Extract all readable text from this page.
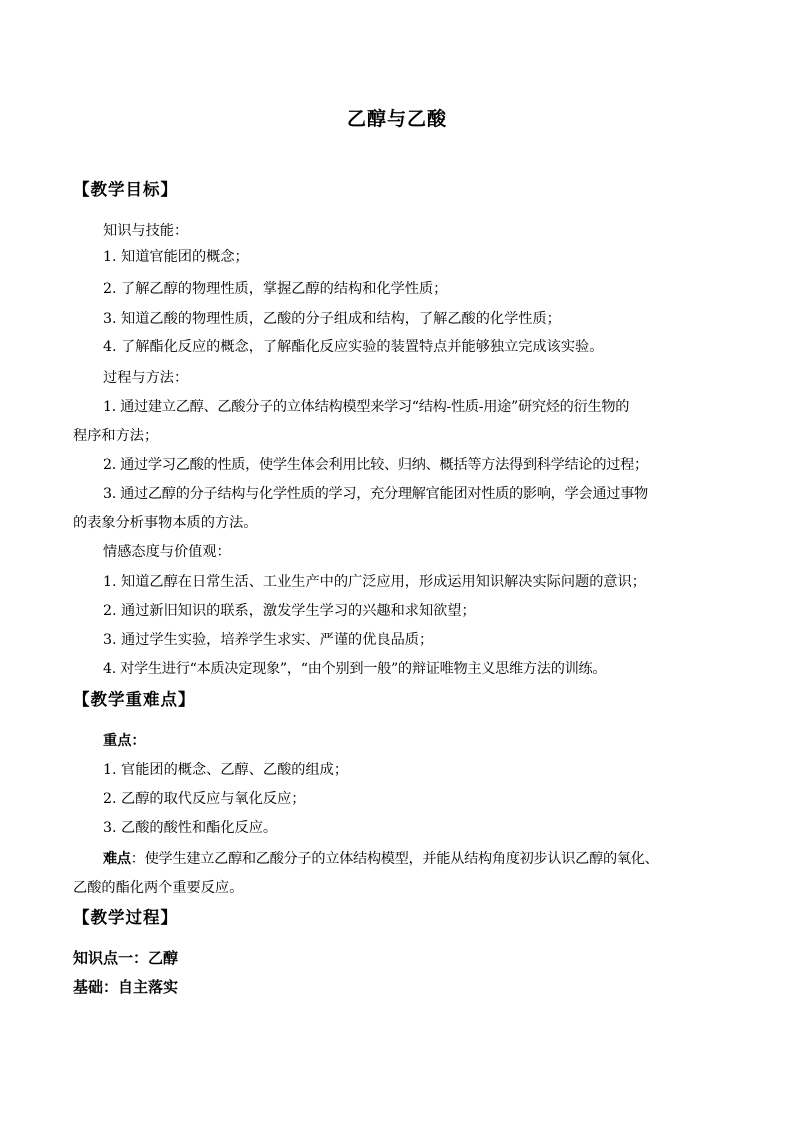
乙醇与乙酸
【教学目标】
知识与技能：
1. 知道官能团的概念；
2. 了解乙醇的物理性质，掌握乙醇的结构和化学性质；
3. 知道乙酸的物理性质，乙酸的分子组成和结构，了解乙酸的化学性质；
4. 了解酯化反应的概念，了解酯化反应实验的装置特点并能够独立完成该实验。
过程与方法：
1. 通过建立乙醇、乙酸分子的立体结构模型来学习“结构-性质-用途”研究烃的衍生物的
程序和方法；
2. 通过学习乙酸的性质，使学生体会利用比较、归纳、概括等方法得到科学结论的过程；
3. 通过乙醇的分子结构与化学性质的学习，充分理解官能团对性质的影响，学会通过事物
的表象分析事物本质的方法。
情感态度与价值观：
1. 知道乙醇在日常生活、工业生产中的广泛应用，形成运用知识解决实际问题的意识；
2. 通过新旧知识的联系，激发学生学习的兴趣和求知欲望；
3. 通过学生实验，培养学生求实、严谨的优良品质；
4. 对学生进行“本质决定现象”，“由个别到一般”的辩证唯物主义思维方法的训练。
【教学重难点】
重点：
1. 官能团的概念、乙醇、乙酸的组成；
2. 乙醇的取代反应与氧化反应；
3. 乙酸的酸性和酯化反应。
难点：使学生建立乙醇和乙酸分子的立体结构模型，并能从结构角度初步认识乙醇的氧化、
乙酸的酯化两个重要反应。
【教学过程】
知识点一：乙醇
基础：自主落实
